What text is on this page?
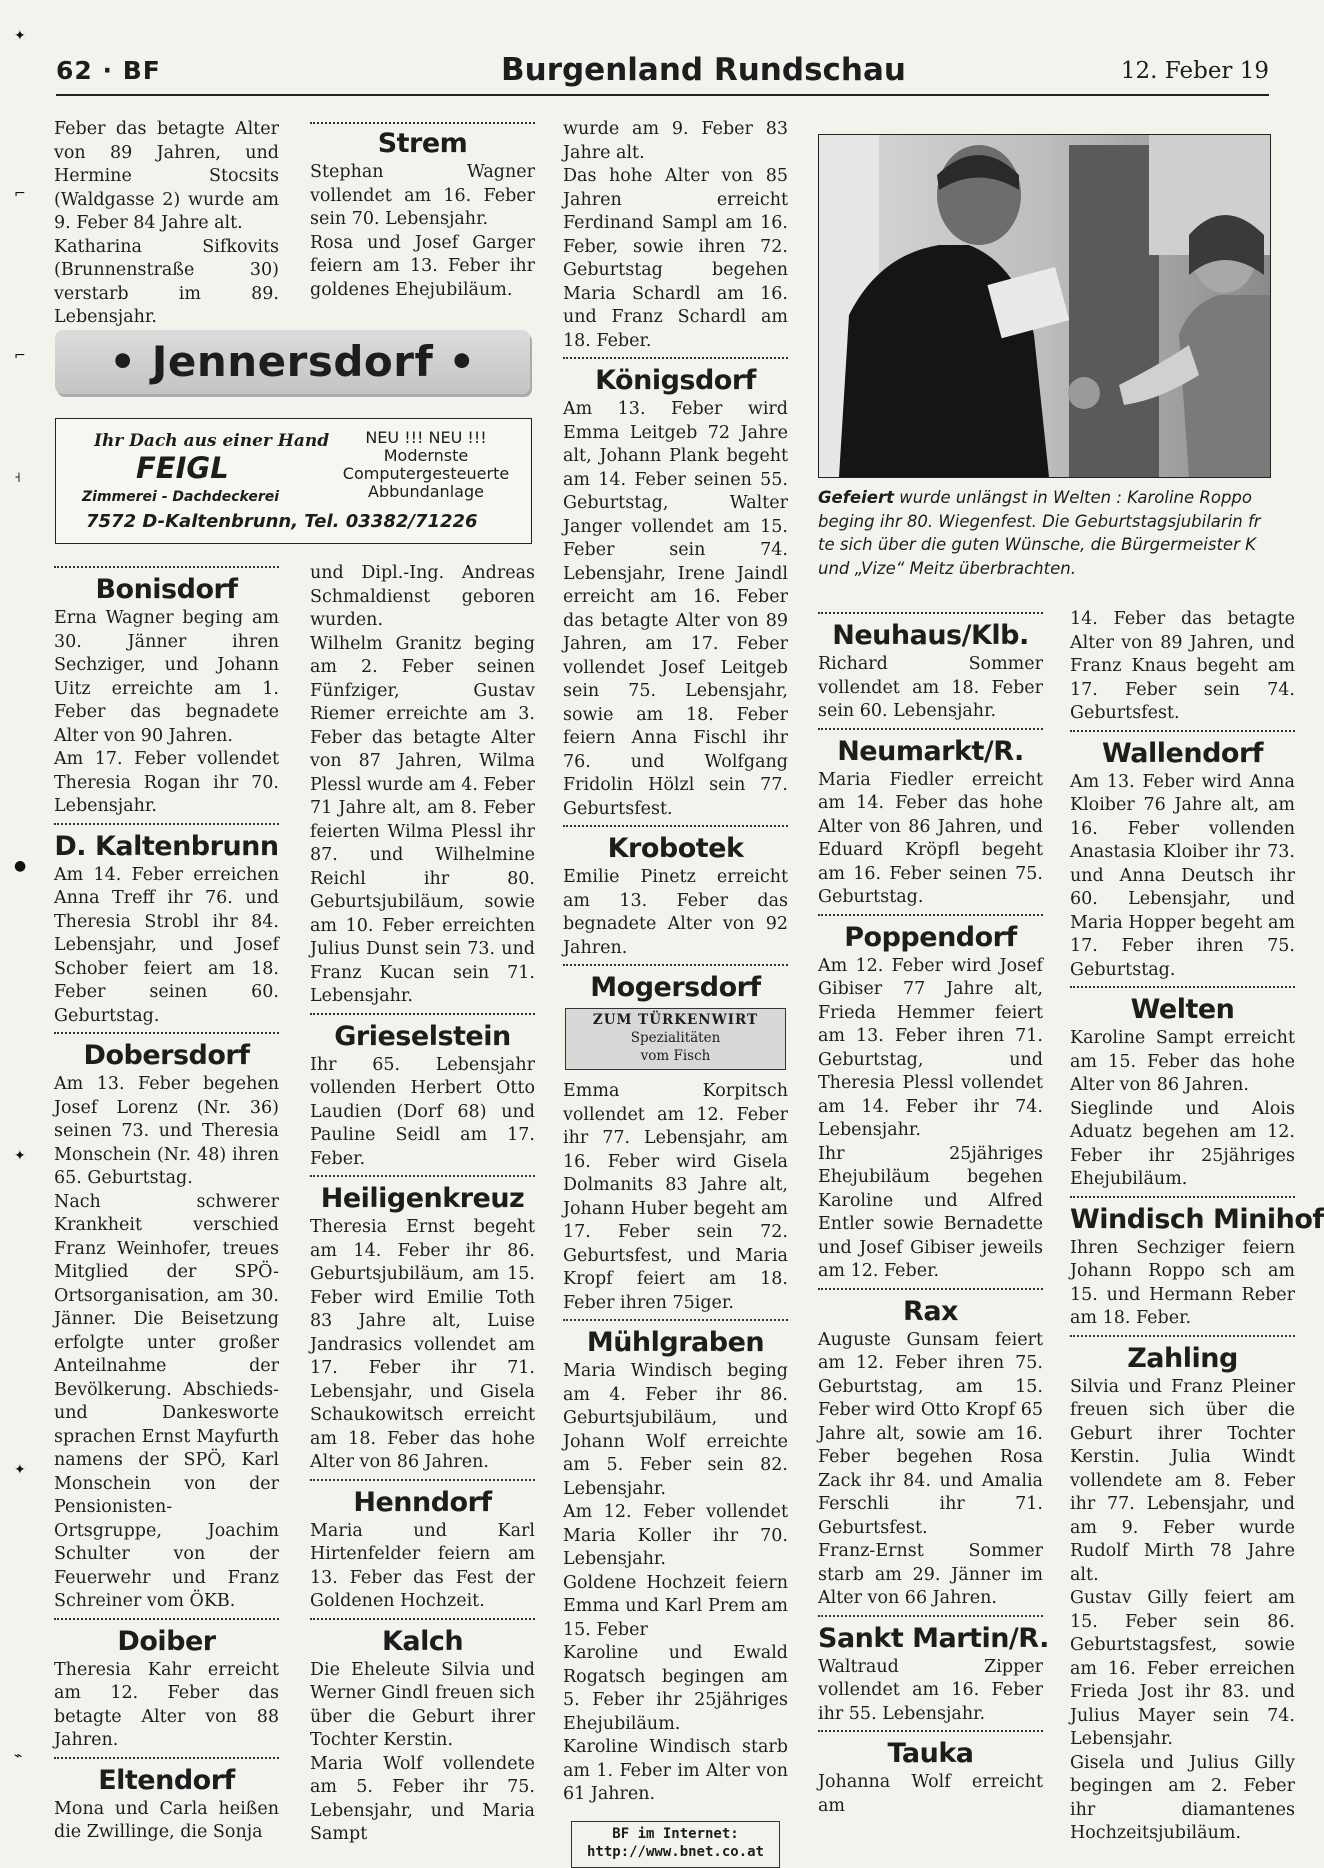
✦
⌐
⌐
˧
●
✦
✦
⌁
62 · BF	Burgenland Rundschau	12. Feber 19

Feber das betagte Alter von 89 Jahren, und Hermine Stocsits (Waldgasse 2) wurde am 9. Feber 84 Jahre alt.

Katharina Sifkovits (Brunnenstraße 30) verstarb im 89. Lebensjahr.

Strem

Stephan Wagner vollendet am 16. Feber sein 70. Lebensjahr.

Rosa und Josef Garger feiern am 13. Feber ihr goldenes Ehejubiläum.

• Jennersdorf •
Ihr Dach aus einer Hand
FEIGL
Zimmerei - Dachdeckerei
NEU !!! NEU !!!
Modernste
Computergesteuerte
Abbundanlage
7572 D-Kaltenbrunn, Tel. 03382/71226
Bonisdorf

Erna Wagner beging am 30. Jänner ihren Sechziger, und Johann Uitz erreichte am 1. Feber das begnadete Alter von 90 Jahren.

Am 17. Feber vollendet Theresia Rogan ihr 70. Lebensjahr.

D. Kaltenbrunn

Am 14. Feber erreichen Anna Treff ihr 76. und Theresia Strobl ihr 84. Lebensjahr, und Josef Schober feiert am 18. Feber seinen 60. Geburtstag.

Dobersdorf

Am 13. Feber begehen Josef Lorenz (Nr. 36) seinen 73. und Theresia Monschein (Nr. 48) ihren 65. Geburtstag.

Nach schwerer Krankheit verschied Franz Weinhofer, treues Mitglied der SPÖ-Ortsorganisation, am 30. Jänner. Die Beisetzung erfolgte unter großer Anteilnahme der Bevölkerung. Abschieds- und Dankesworte sprachen Ernst Mayfurth namens der SPÖ, Karl Monschein von der Pensionisten-Ortsgruppe, Joachim Schulter von der Feuerwehr und Franz Schreiner vom ÖKB.

Doiber

Theresia Kahr erreicht am 12. Feber das betagte Alter von 88 Jahren.

Eltendorf

Mona und Carla heißen die Zwillinge, die Sonja

und Dipl.-Ing. Andreas Schmaldienst geboren wurden.

Wilhelm Granitz beging am 2. Feber seinen Fünfziger, Gustav Riemer erreichte am 3. Feber das betagte Alter von 87 Jahren, Wilma Plessl wurde am 4. Feber 71 Jahre alt, am 8. Feber feierten Wilma Plessl ihr 87. und Wilhelmine Reichl ihr 80. Geburtsjubiläum, sowie am 10. Feber erreichten Julius Dunst sein 73. und Franz Kucan sein 71. Lebensjahr.

Grieselstein

Ihr 65. Lebensjahr vollenden Herbert Otto Laudien (Dorf 68) und Pauline Seidl am 17. Feber.

Heiligenkreuz

Theresia Ernst begeht am 14. Feber ihr 86. Geburtsjubiläum, am 15. Feber wird Emilie Toth 83 Jahre alt, Luise Jandrasics vollendet am 17. Feber ihr 71. Lebensjahr, und Gisela Schaukowitsch erreicht am 18. Feber das hohe Alter von 86 Jahren.

Henndorf

Maria und Karl Hirtenfelder feiern am 13. Feber das Fest der Goldenen Hochzeit.

Kalch

Die Eheleute Silvia und Werner Gindl freuen sich über die Geburt ihrer Tochter Kerstin.

Maria Wolf vollendete am 5. Feber ihr 75. Lebensjahr, und Maria Sampt

wurde am 9. Feber 83 Jahre alt.

Das hohe Alter von 85 Jahren erreicht Ferdinand Sampl am 16. Feber, sowie ihren 72. Geburtstag begehen Maria Schardl am 16. und Franz Schardl am 18. Feber.

Königsdorf

Am 13. Feber wird Emma Leitgeb 72 Jahre alt, Johann Plank begeht am 14. Feber seinen 55. Geburtstag, Walter Janger vollendet am 15. Feber sein 74. Lebensjahr, Irene Jaindl erreicht am 16. Feber das betagte Alter von 89 Jahren, am 17. Feber vollendet Josef Leitgeb sein 75. Lebensjahr, sowie am 18. Feber feiern Anna Fischl ihr 76. und Wolfgang Fridolin Hölzl sein 77. Geburtsfest.

Krobotek

Emilie Pinetz erreicht am 13. Feber das begnadete Alter von 92 Jahren.

Mogersdorf
ZUM TÜRKENWIRT
Spezialitäten
vom Fisch

Emma Korpitsch vollendet am 12. Feber ihr 77. Lebensjahr, am 16. Feber wird Gisela Dolmanits 83 Jahre alt, Johann Huber begeht am 17. Feber sein 72. Geburtsfest, und Maria Kropf feiert am 18. Feber ihren 75iger.

Mühlgraben

Maria Windisch beging am 4. Feber ihr 86. Geburtsjubiläum, und Johann Wolf erreichte am 5. Feber sein 82. Lebensjahr.

Am 12. Feber vollendet Maria Koller ihr 70. Lebensjahr.

Goldene Hochzeit feiern Emma und Karl Prem am 15. Feber

Karoline und Ewald Rogatsch begingen am 5. Feber ihr 25jähriges Ehejubiläum.

Karoline Windisch starb am 1. Feber im Alter von 61 Jahren.

BF im Internet:
http://www.bnet.co.at
Gefeiert wurde unlängst in Welten : Karoline Roppo
beging ihr 80. Wiegenfest. Die Geburtstagsjubilarin fr
te sich über die guten Wünsche, die Bürgermeister K
und „Vize“ Meitz überbrachten.
Neuhaus/Klb.

Richard Sommer vollendet am 18. Feber sein 60. Lebensjahr.

Neumarkt/R.

Maria Fiedler erreicht am 14. Feber das hohe Alter von 86 Jahren, und Eduard Kröpfl begeht am 16. Feber seinen 75. Geburtstag.

Poppendorf

Am 12. Feber wird Josef Gibiser 77 Jahre alt, Frieda Hemmer feiert am 13. Feber ihren 71. Geburtstag, und Theresia Plessl vollendet am 14. Feber ihr 74. Lebensjahr.

Ihr 25jähriges Ehejubiläum begehen Karoline und Alfred Entler sowie Bernadette und Josef Gibiser jeweils am 12. Feber.

Rax

Auguste Gunsam feiert am 12. Feber ihren 75. Geburtstag, am 15. Feber wird Otto Kropf 65 Jahre alt, sowie am 16. Feber begehen Rosa Zack ihr 84. und Amalia Ferschli ihr 71. Geburtsfest.

Franz-Ernst Sommer starb am 29. Jänner im Alter von 66 Jahren.

Sankt Martin/R.

Waltraud Zipper vollendet am 16. Feber ihr 55. Lebensjahr.

Tauka

Johanna Wolf erreicht am

14. Feber das betagte Alter von 89 Jahren, und Franz Knaus begeht am 17. Feber sein 74. Geburtsfest.

Wallendorf

Am 13. Feber wird Anna Kloiber 76 Jahre alt, am 16. Feber vollenden Anastasia Kloiber ihr 73. und Anna Deutsch ihr 60. Lebensjahr, und Maria Hopper begeht am 17. Feber ihren 75. Geburtstag.

Welten

Karoline Sampt erreicht am 15. Feber das hohe Alter von 86 Jahren.

Sieglinde und Alois Aduatz begehen am 12. Feber ihr 25jähriges Ehejubiläum.

Windisch Minihof

Ihren Sechziger feiern Johann Roppo sch am 15. und Hermann Reber am 18. Feber.

Zahling

Silvia und Franz Pleiner freuen sich über die Geburt ihrer Tochter Kerstin. Julia Windt vollendete am 8. Feber ihr 77. Lebensjahr, und am 9. Feber wurde Rudolf Mirth 78 Jahre alt.

Gustav Gilly feiert am 15. Feber sein 86. Geburtstagsfest, sowie am 16. Feber erreichen Frieda Jost ihr 83. und Julius Mayer sein 74. Lebensjahr.

Gisela und Julius Gilly begingen am 2. Feber ihr diamantenes Hochzeitsjubiläum.
